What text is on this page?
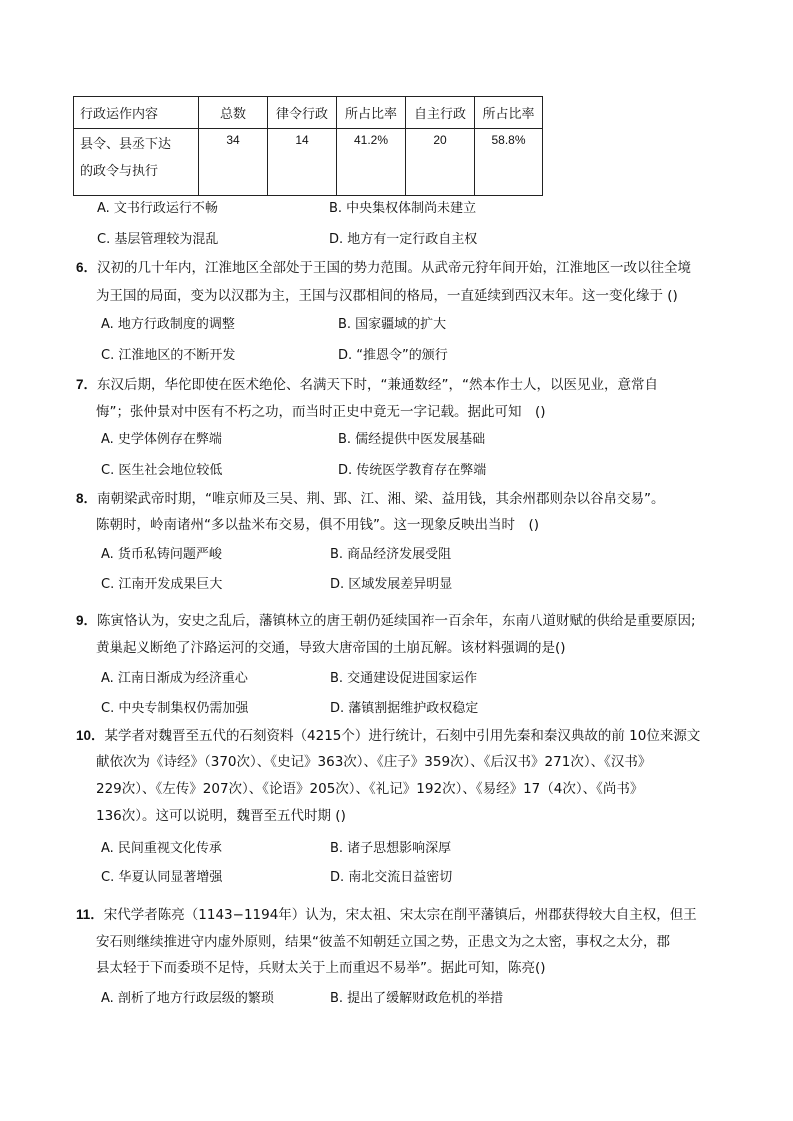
行政运作内容	总数	律令行政	所占比率	自主行政	所占比率
县令、县丞下达
的政令与执行	34	14	41.2%	20	58.8%
A. 文书行政运行不畅	B. 中央集权体制尚未建立
C. 基层管理较为混乱	D. 地方有一定行政自主权
6．汉初的几十年内，江淮地区全部处于王国的势力范围。从武帝元狩年间开始，江淮地区一改以往全境
为王国的局面，变为以汉郡为主，王国与汉郡相间的格局，一直延续到西汉末年。这一变化缘于 ()
A. 地方行政制度的调整	B. 国家疆域的扩大
C. 江淮地区的不断开发	D. “推恩令”的颁行
7．东汉后期，华佗即使在医术绝伦、名满天下时，“兼通数经”，“然本作士人，以医见业，意常自
悔”；张仲景对中医有不朽之功，而当时正史中竟无一字记载。据此可知　()
A. 史学体例存在弊端	B. 儒经提供中医发展基础
C. 医生社会地位较低	D. 传统医学教育存在弊端
8．南朝梁武帝时期，“唯京师及三吴、荆、郢、江、湘、梁、益用钱，其余州郡则杂以谷帛交易”。
陈朝时，岭南诸州“多以盐米布交易，俱不用钱”。这一现象反映出当时　()
A. 货币私铸问题严峻	B. 商品经济发展受阻
C. 江南开发成果巨大	D. 区域发展差异明显
9．陈寅恪认为，安史之乱后，藩镇林立的唐王朝仍延续国祚一百余年，东南八道财赋的供给是重要原因;
黄巢起义断绝了汴路运河的交通，导致大唐帝国的土崩瓦解。该材料强调的是()
A. 江南日渐成为经济重心	B. 交通建设促进国家运作
C. 中央专制集权仍需加强	D. 藩镇割据维护政权稳定
10．某学者对魏晋至五代的石刻资料（4215个）进行统计，石刻中引用先秦和秦汉典故的前 10位来源文
献依次为《诗经》（370次）、《史记》363次）、《庄子》359次）、《后汉书》271次）、《汉书》
229次）、《左传》207次）、《论语》205次）、《礼记》192次）、《易经》17（4次）、《尚书》
136次）。这可以说明，魏晋至五代时期 ()
A. 民间重视文化传承	B. 诸子思想影响深厚
C. 华夏认同显著增强	D. 南北交流日益密切
11．宋代学者陈亮（1143−1194年）认为，宋太祖、宋太宗在削平藩镇后，州郡获得较大自主权，但王
安石则继续推进守内虚外原则，结果“彼盖不知朝廷立国之势，正患文为之太密，事权之太分，郡
县太轻于下而委琐不足恃，兵财太关于上而重迟不易举”。据此可知，陈亮()
A. 剖析了地方行政层级的繁琐	B. 提出了缓解财政危机的举措
